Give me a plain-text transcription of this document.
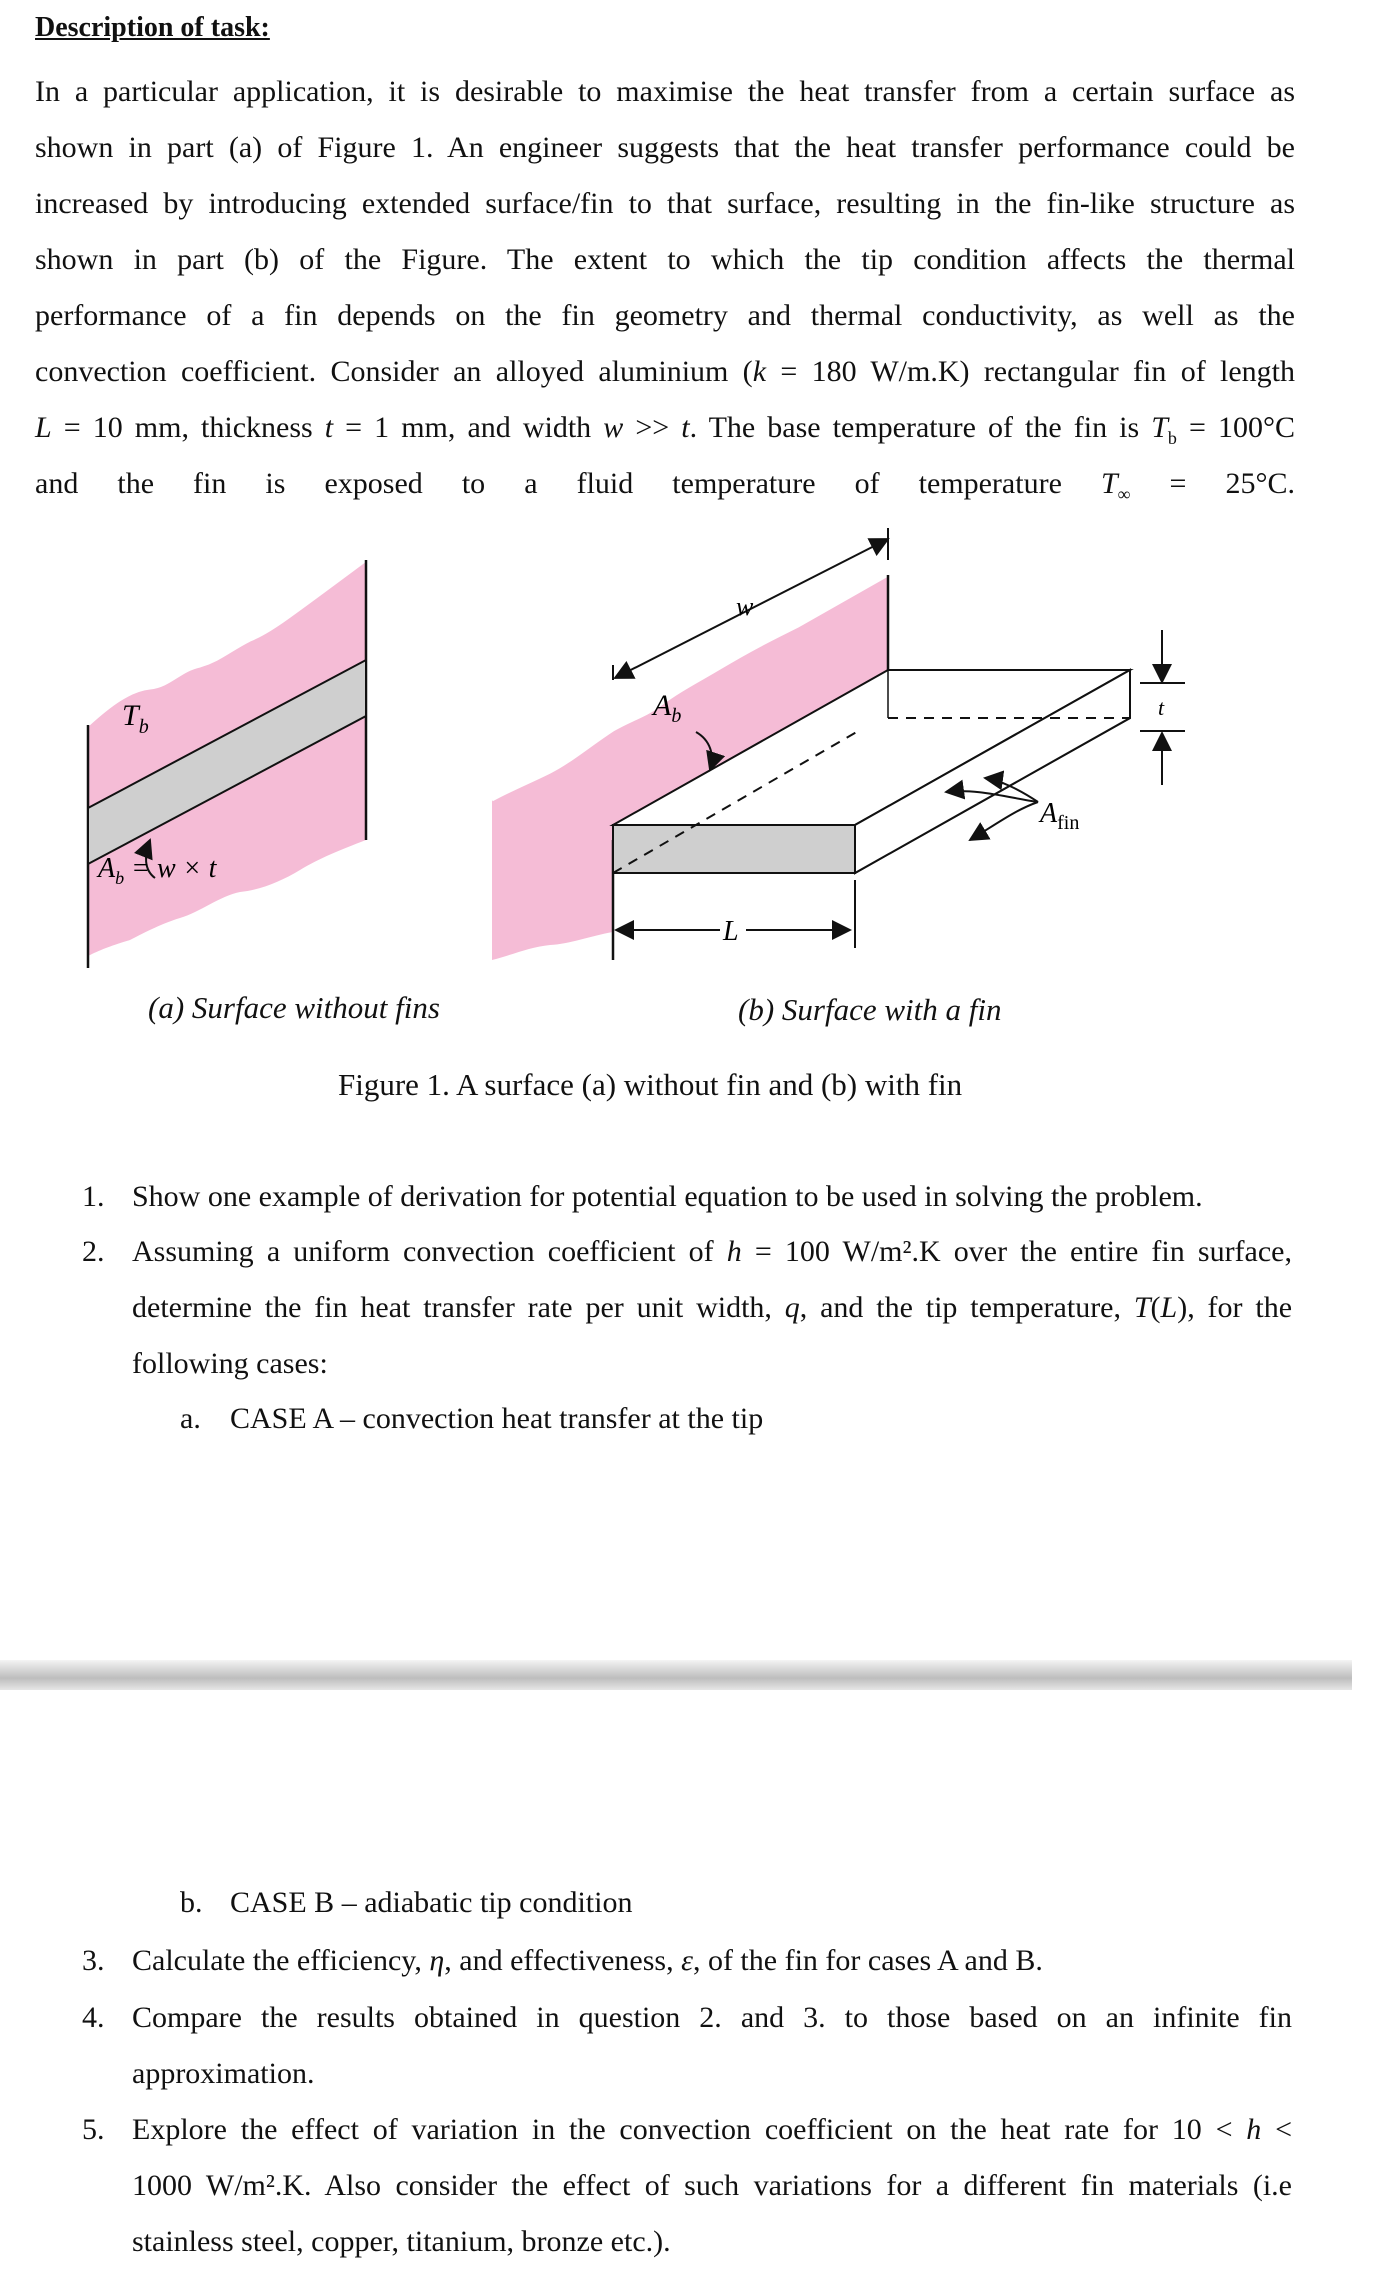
Description of task:
In a particular application, it is desirable to maximise the heat transfer from a certain surface as
shown in part (a) of Figure 1. An engineer suggests that the heat transfer performance could be
increased by introducing extended surface/fin to that surface, resulting in the fin-like structure as
shown in part (b) of the Figure. The extent to which the tip condition affects the thermal
performance of a fin depends on the fin geometry and thermal conductivity, as well as the
convection coefficient. Consider an alloyed aluminium (k = 180 W/m.K) rectangular fin of length
L = 10 mm, thickness t = 1 mm, and width w >> t. The base temperature of the fin is $T_b = 100^\circ C$
and the fin is exposed to a fluid temperature of temperature $T_\infty = 25^\circ C$.
$T_b$
$A_b = w \times t$
w
$A_b$
$A_{fin}$
L
t
(a) Surface without fins	(b) Surface with a fin
Figure 1. A surface (a) without fin and (b) with fin
1. Show one example of derivation for potential equation to be used in solving the problem.
2. Assuming a uniform convection coefficient of h = 100 W/m².K over the entire fin surface,
determine the fin heat transfer rate per unit width, q, and the tip temperature, T(L), for the
following cases:
a. CASE A – convection heat transfer at the tip
b. CASE B – adiabatic tip condition
3. Calculate the efficiency, η, and effectiveness, ε, of the fin for cases A and B.
4. Compare the results obtained in question 2. and 3. to those based on an infinite fin
approximation.
5. Explore the effect of variation in the convection coefficient on the heat rate for 10 < h <
1000 W/m².K. Also consider the effect of such variations for a different fin materials (i.e
stainless steel, copper, titanium, bronze etc.).
